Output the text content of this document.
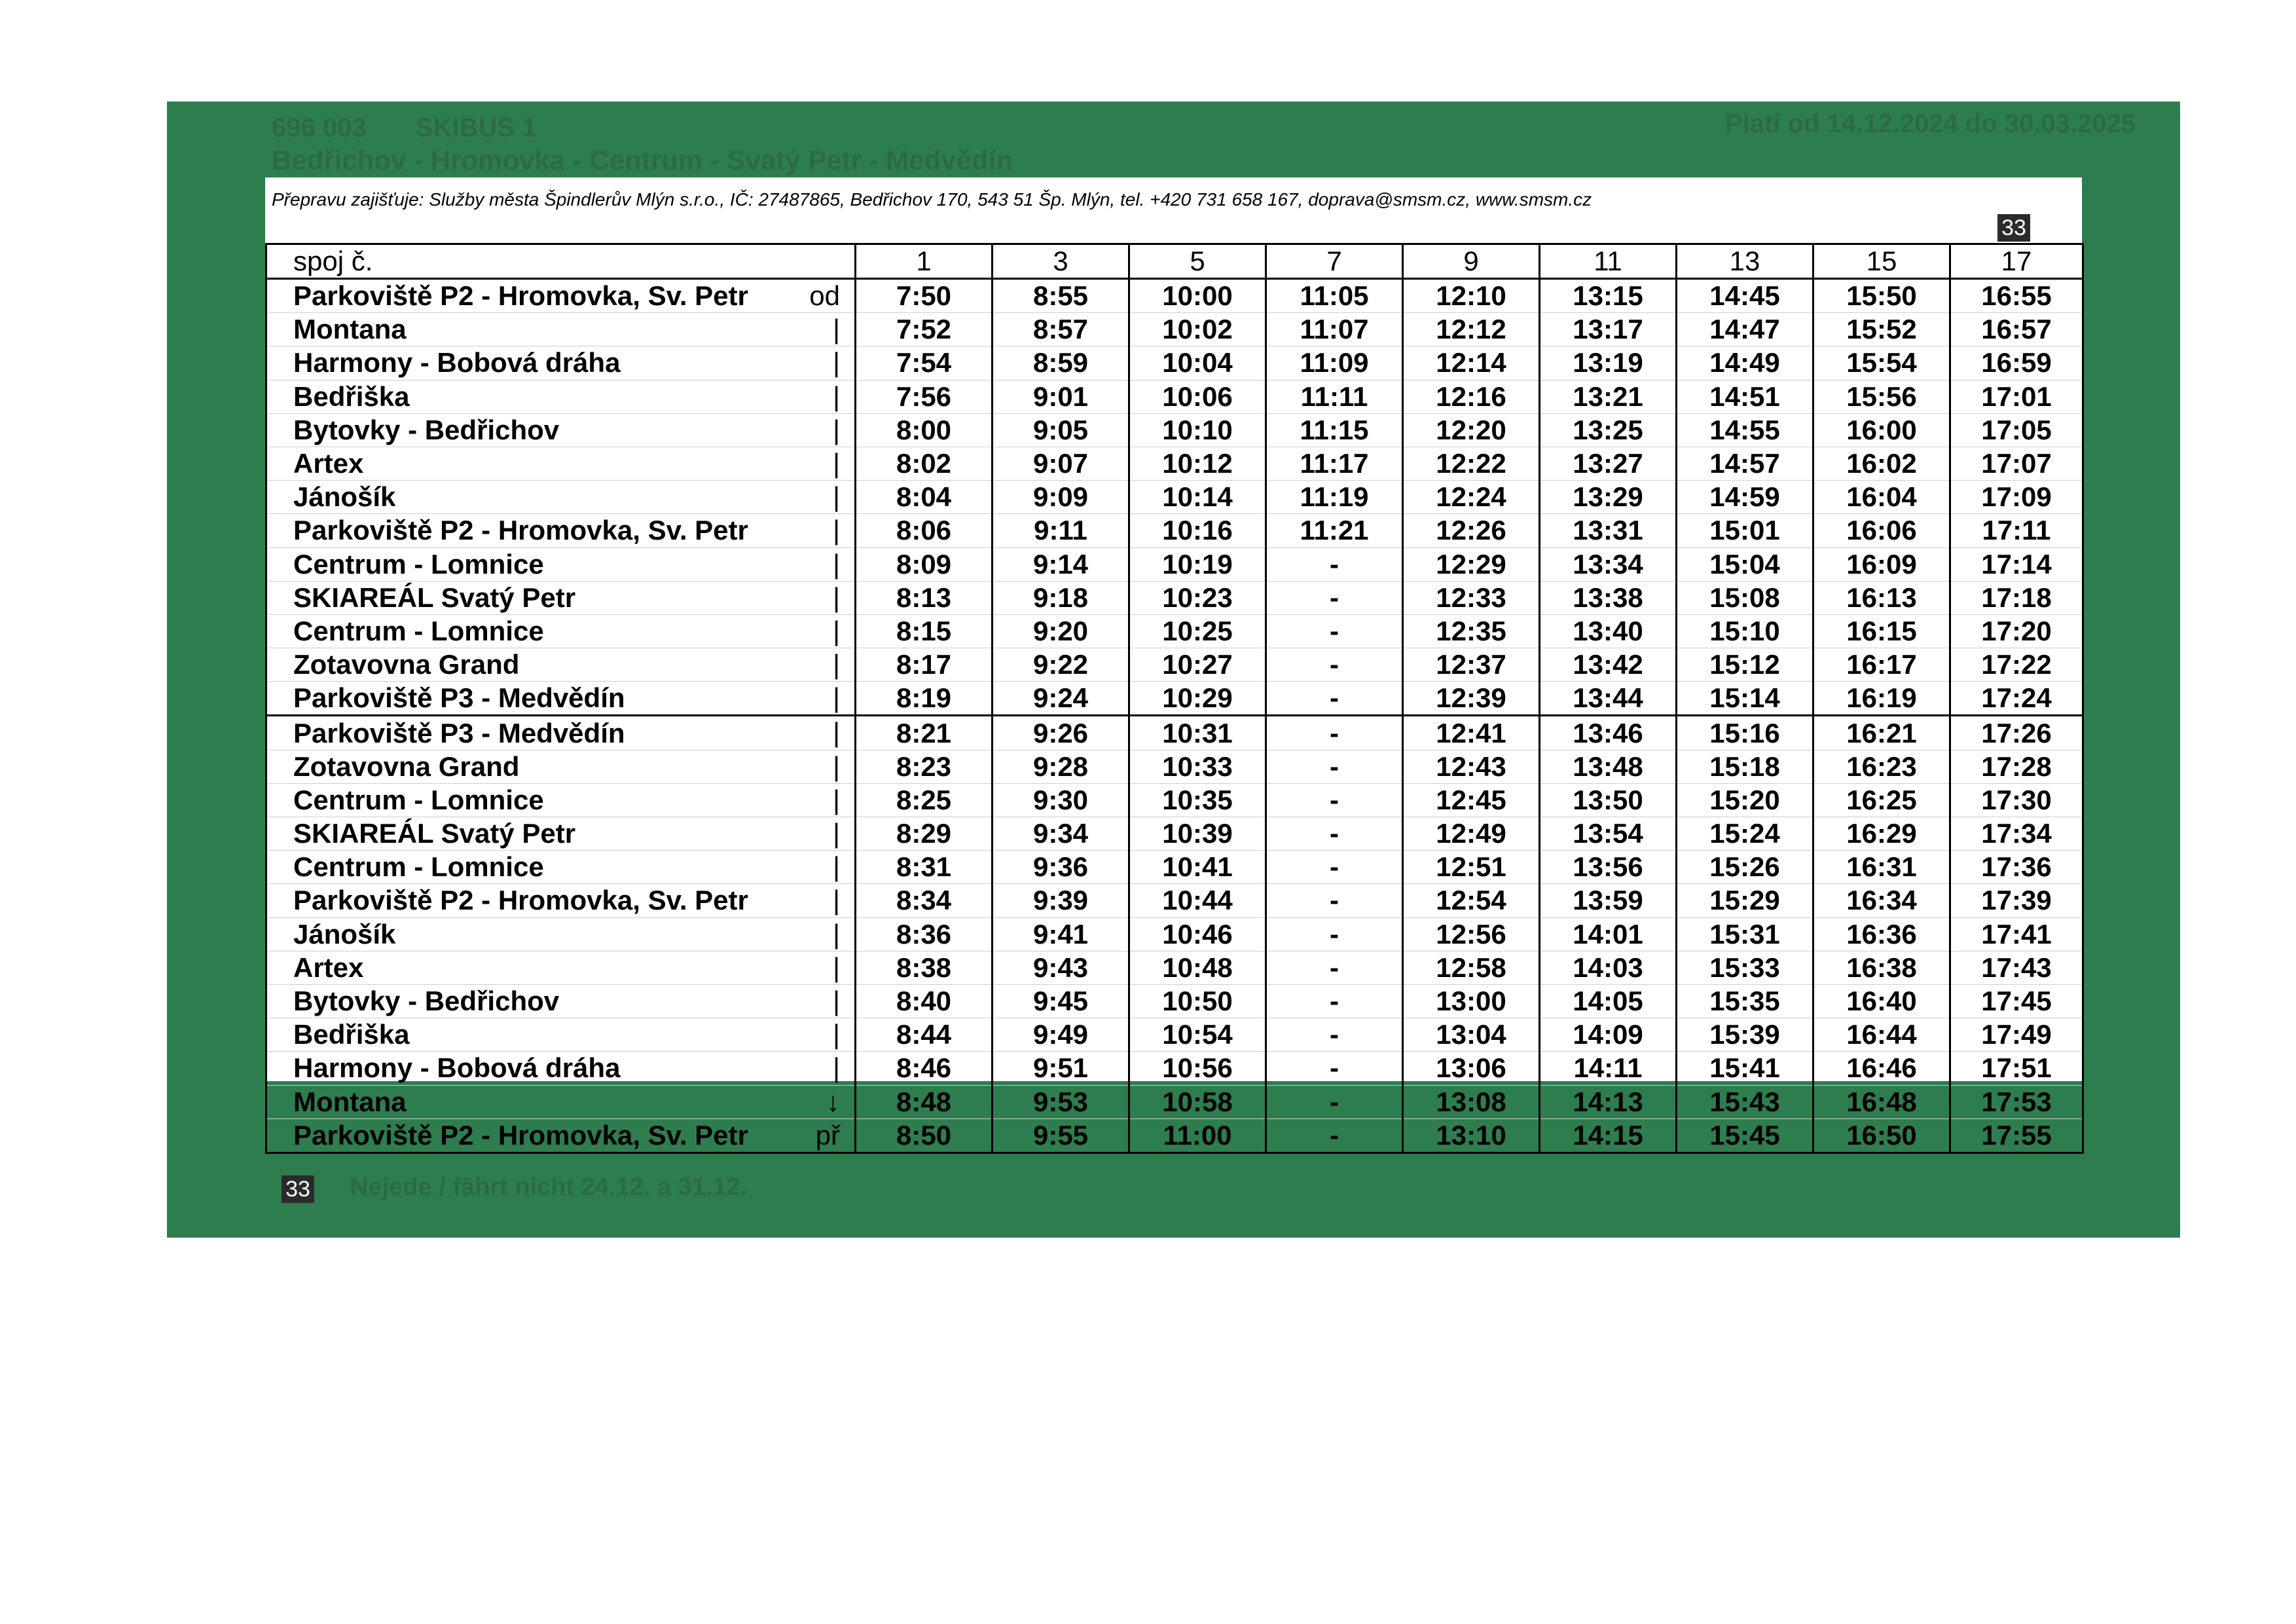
696 003 SKIBUS 1	Platí od 14.12.2024 do 30.03.2025
Bedřichov - Hromovka - Centrum - Svatý Petr - Medvědín
Přepravu zajišťuje: Služby města Špindlerův Mlýn s.r.o., IČ: 27487865, Bedřichov 170, 543 51 Šp. Mlýn, tel. +420 731 658 167, doprava@smsm.cz, www.smsm.cz
33
spoj č.	1	3	5	7	9	11	13	15	17
Parkoviště P2 - Hromovka, Sv. Petr od	7:50	8:55	10:00	11:05	12:10	13:15	14:45	15:50	16:55
Montana |	7:52	8:57	10:02	11:07	12:12	13:17	14:47	15:52	16:57
Harmony - Bobová dráha |	7:54	8:59	10:04	11:09	12:14	13:19	14:49	15:54	16:59
Bedřiška |	7:56	9:01	10:06	11:11	12:16	13:21	14:51	15:56	17:01
Bytovky - Bedřichov |	8:00	9:05	10:10	11:15	12:20	13:25	14:55	16:00	17:05
Artex |	8:02	9:07	10:12	11:17	12:22	13:27	14:57	16:02	17:07
Jánošík |	8:04	9:09	10:14	11:19	12:24	13:29	14:59	16:04	17:09
Parkoviště P2 - Hromovka, Sv. Petr |	8:06	9:11	10:16	11:21	12:26	13:31	15:01	16:06	17:11
Centrum - Lomnice |	8:09	9:14	10:19	-	12:29	13:34	15:04	16:09	17:14
SKIAREÁL Svatý Petr |	8:13	9:18	10:23	-	12:33	13:38	15:08	16:13	17:18
Centrum - Lomnice |	8:15	9:20	10:25	-	12:35	13:40	15:10	16:15	17:20
Zotavovna Grand |	8:17	9:22	10:27	-	12:37	13:42	15:12	16:17	17:22
Parkoviště P3 - Medvědín |	8:19	9:24	10:29	-	12:39	13:44	15:14	16:19	17:24
Parkoviště P3 - Medvědín |	8:21	9:26	10:31	-	12:41	13:46	15:16	16:21	17:26
Zotavovna Grand |	8:23	9:28	10:33	-	12:43	13:48	15:18	16:23	17:28
Centrum - Lomnice |	8:25	9:30	10:35	-	12:45	13:50	15:20	16:25	17:30
SKIAREÁL Svatý Petr |	8:29	9:34	10:39	-	12:49	13:54	15:24	16:29	17:34
Centrum - Lomnice |	8:31	9:36	10:41	-	12:51	13:56	15:26	16:31	17:36
Parkoviště P2 - Hromovka, Sv. Petr |	8:34	9:39	10:44	-	12:54	13:59	15:29	16:34	17:39
Jánošík |	8:36	9:41	10:46	-	12:56	14:01	15:31	16:36	17:41
Artex |	8:38	9:43	10:48	-	12:58	14:03	15:33	16:38	17:43
Bytovky - Bedřichov |	8:40	9:45	10:50	-	13:00	14:05	15:35	16:40	17:45
Bedřiška |	8:44	9:49	10:54	-	13:04	14:09	15:39	16:44	17:49
Harmony - Bobová dráha |	8:46	9:51	10:56	-	13:06	14:11	15:41	16:46	17:51
Montana ↓	8:48	9:53	10:58	-	13:08	14:13	15:43	16:48	17:53
Parkoviště P2 - Hromovka, Sv. Petr př	8:50	9:55	11:00	-	13:10	14:15	15:45	16:50	17:55
33 Nejede / fährt nicht 24.12. a 31.12.
